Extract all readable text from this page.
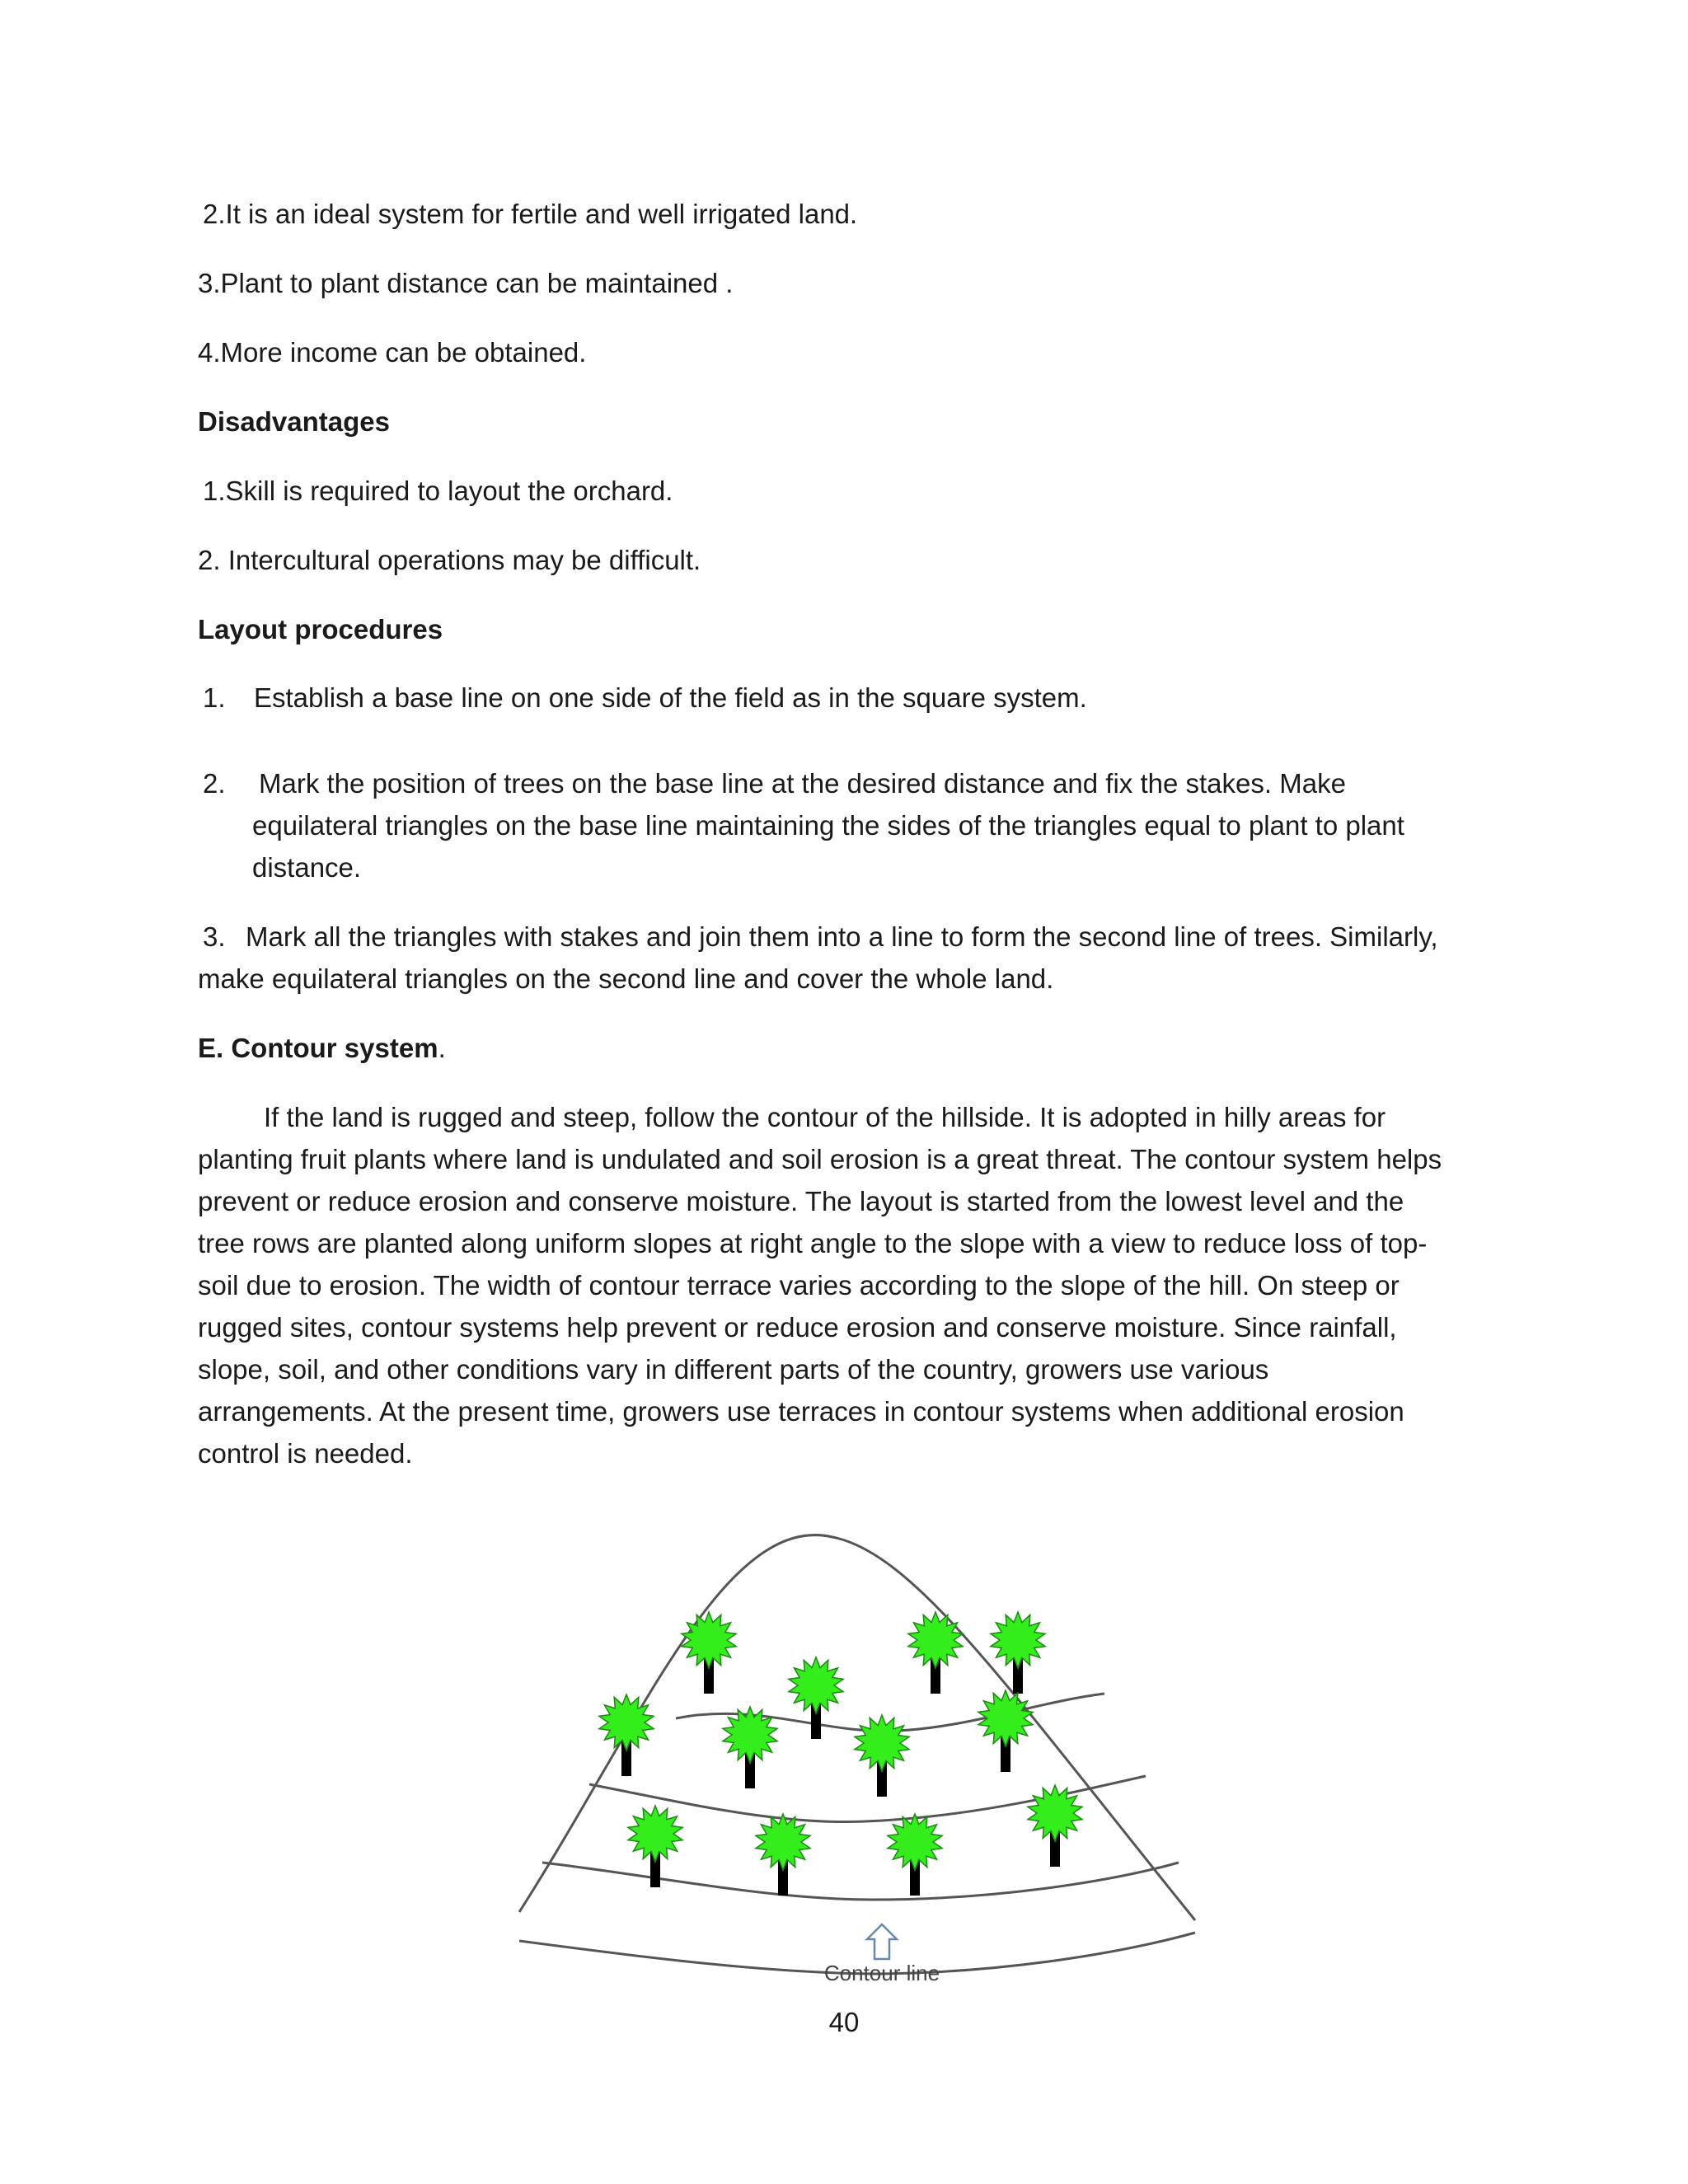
2.It is an ideal system for fertile and well irrigated land.
3.Plant to plant distance can be maintained .
4.More income can be obtained.
Disadvantages
1.Skill is required to layout the orchard.
2. Intercultural operations may be difficult.
Layout procedures
1. Establish a base line on one side of the field as in the square system.
2. Mark the position of trees on the base line at the desired distance and fix the stakes. Make
equilateral triangles on the base line maintaining the sides of the triangles equal to plant to plant
distance.
3. Mark all the triangles with stakes and join them into a line to form the second line of trees. Similarly,
make equilateral triangles on the second line and cover the whole land.
E. Contour system.
If the land is rugged and steep, follow the contour of the hillside. It is adopted in hilly areas for
planting fruit plants where land is undulated and soil erosion is a great threat. The contour system helps
prevent or reduce erosion and conserve moisture. The layout is started from the lowest level and the
tree rows are planted along uniform slopes at right angle to the slope with a view to reduce loss of top-
soil due to erosion. The width of contour terrace varies according to the slope of the hill. On steep or
rugged sites, contour systems help prevent or reduce erosion and conserve moisture. Since rainfall,
slope, soil, and other conditions vary in different parts of the country, growers use various
arrangements. At the present time, growers use terraces in contour systems when additional erosion
control is needed.
Contour line
40
